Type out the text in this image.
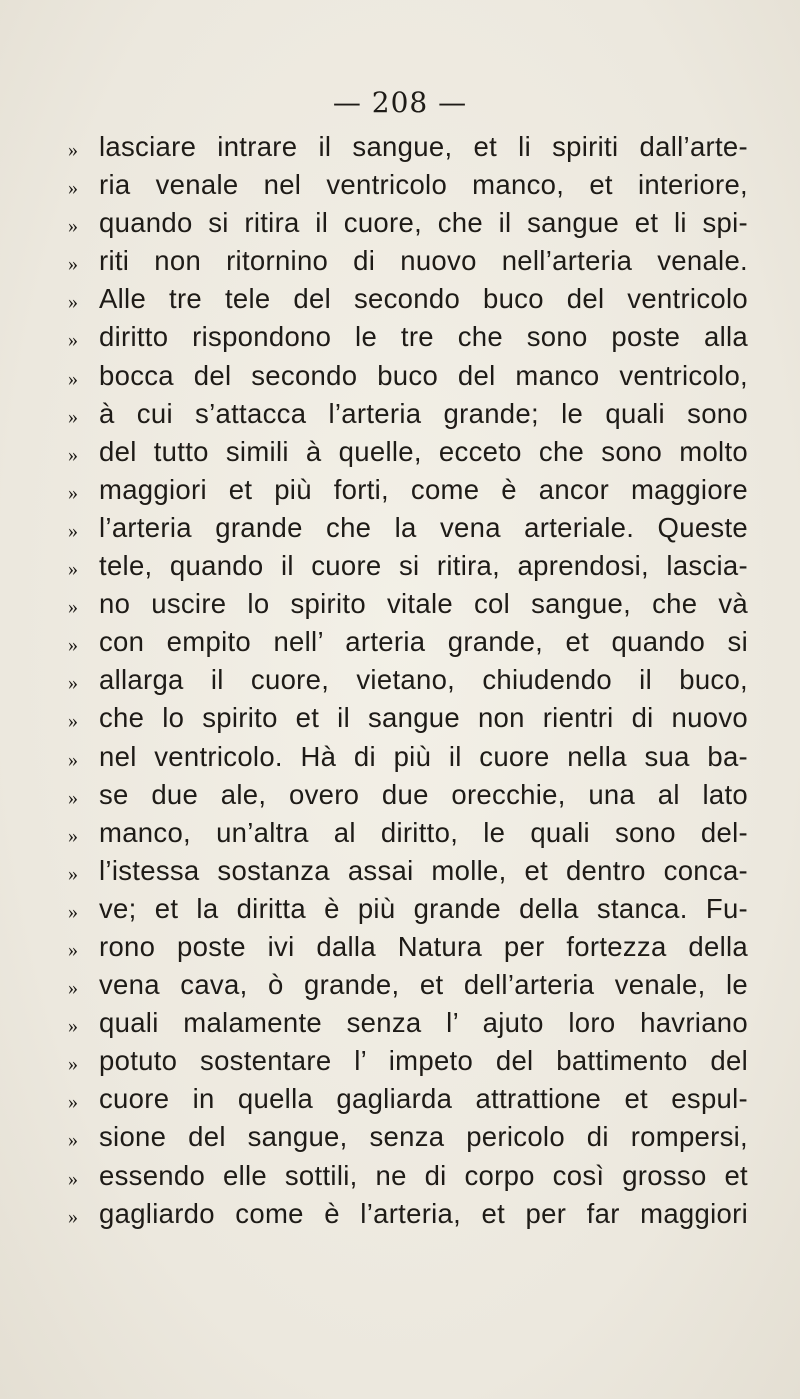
— 208 —
» lasciare intrare il sangue, et li spiriti dall’arte-
» ria venale nel ventricolo manco, et interiore,
» quando si ritira il cuore, che il sangue et li spi-
» riti non ritornino di nuovo nell’arteria venale.
» Alle tre tele del secondo buco del ventricolo
» diritto rispondono le tre che sono poste alla
» bocca del secondo buco del manco ventricolo,
» à cui s’attacca l’arteria grande; le quali sono
» del tutto simili à quelle, ecceto che sono molto
» maggiori et più forti, come è ancor maggiore
» l’arteria grande che la vena arteriale. Queste
» tele, quando il cuore si ritira, aprendosi, lascia-
» no uscire lo spirito vitale col sangue, che và
» con empito nell’ arteria grande, et quando si
» allarga il cuore, vietano, chiudendo il buco,
» che lo spirito et il sangue non rientri di nuovo
» nel ventricolo. Hà di più il cuore nella sua ba-
» se due ale, overo due orecchie, una al lato
» manco, un’altra al diritto, le quali sono del-
» l’istessa sostanza assai molle, et dentro conca-
» ve; et la diritta è più grande della stanca. Fu-
» rono poste ivi dalla Natura per fortezza della
» vena cava, ò grande, et dell’arteria venale, le
» quali malamente senza l’ ajuto loro havriano
» potuto sostentare l’ impeto del battimento del
» cuore in quella gagliarda attrattione et espul-
» sione del sangue, senza pericolo di rompersi,
» essendo elle sottili, ne di corpo così grosso et
» gagliardo come è l’arteria, et per far maggiori
